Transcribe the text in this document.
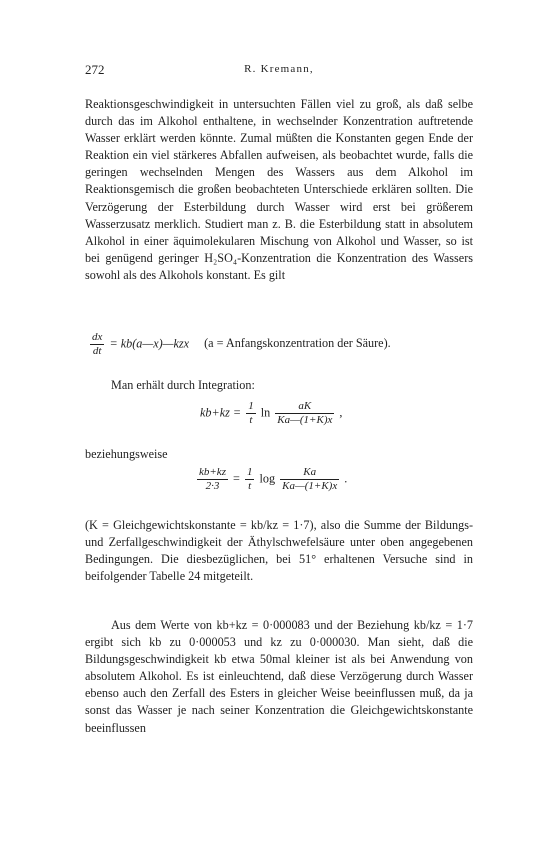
272	R. Kremann,

Reaktionsgeschwindigkeit in untersuchten Fällen viel zu groß, als daß selbe durch das im Alkohol enthaltene, in wechselnder Konzentration auftretende Wasser erklärt werden könnte. Zumal müßten die Konstanten gegen Ende der Reaktion ein viel stärkeres Abfallen aufweisen, als beobachtet wurde, falls die geringen wechselnden Mengen des Wassers aus dem Alkohol im Reaktionsgemisch die großen beobachteten Unterschiede erklären sollten. Die Verzögerung der Esterbildung durch Wasser wird erst bei größerem Wasserzusatz merklich. Studiert man z. B. die Esterbildung statt in absolutem Alkohol in einer äquimolekularen Mischung von Alkohol und Wasser, so ist bei genügend geringer H₂SO₄-Konzentration die Konzentration des Wassers sowohl als des Alkohols konstant. Es gilt

$\frac{dx}{dt}$ = kb(a—x)—kzx (a = Anfangskonzentration der Säure).
Man erhält durch Integration:
$kb+kz = \frac{1}{t}$ $\ln \frac{aK}{Ka—(1+K)x}$ ,
beziehungsweise
$\frac{kb+kz}{2\cdot 3} = \frac{1}{t}$ $\log \frac{Ka}{Ka—(1+K)x}$ .

(K = Gleichgewichtskonstante = kb/kz = 1·7), also die Summe der Bildungs- und Zerfallgeschwindigkeit der Äthylschwefelsäure unter oben angegebenen Bedingungen. Die diesbezüglichen, bei 51° erhaltenen Versuche sind in beifolgender Tabelle 24 mitgeteilt.

Aus dem Werte von kb+kz = 0·000083 und der Beziehung kb/kz = 1·7 ergibt sich kb zu 0·000053 und kz zu 0·000030. Man sieht, daß die Bildungsgeschwindigkeit kb etwa 50mal kleiner ist als bei Anwendung von absolutem Alkohol. Es ist einleuchtend, daß diese Verzögerung durch Wasser ebenso auch den Zerfall des Esters in gleicher Weise beeinflussen muß, da ja sonst das Wasser je nach seiner Konzentration die Gleichgewichtskonstante beeinflussen
